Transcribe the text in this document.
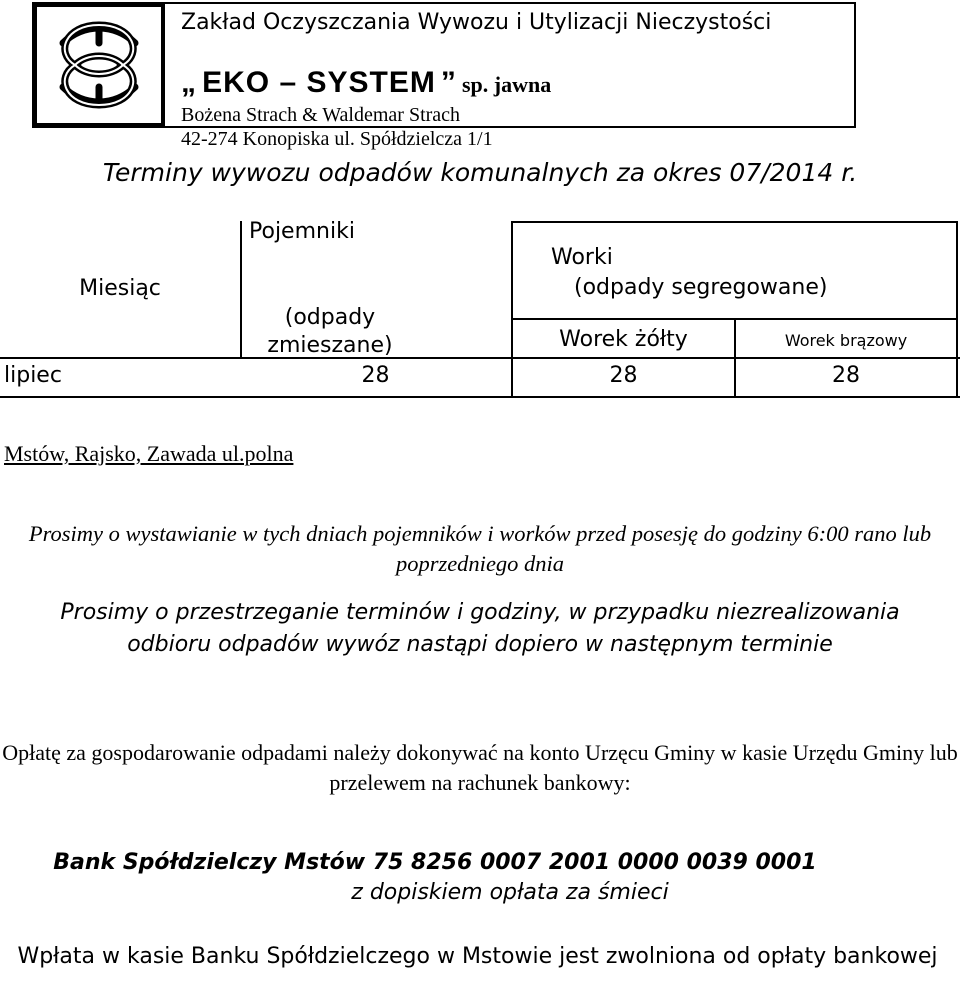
Zakład Oczyszczania Wywozu i Utylizacji Nieczystości
„ EKO – SYSTEM ” sp. jawna
Bożena Strach & Waldemar Strach
42-274 Konopiska ul. Spółdzielcza 1/1
Terminy wywozu odpadów komunalnych za okres 07/2014 r.
Miesiąc
Pojemniki
(odpady
zmieszane)
Worki
(odpady segregowane)
Worek żółty	Worek brązowy
lipiec	28	28	28
Mstów, Rajsko, Zawada ul.polna
Prosimy o wystawianie w tych dniach pojemników i worków przed posesję do godziny 6:00 rano lub poprzedniego dnia
Prosimy o przestrzeganie terminów i godziny, w przypadku niezrealizowania odbioru odpadów wywóz nastąpi dopiero w następnym terminie
Opłatę za gospodarowanie odpadami należy dokonywać na konto Urzęcu Gminy w kasie Urzędu Gminy lub przelewem na rachunek bankowy:
Bank Spółdzielczy Mstów 75 8256 0007 2001 0000 0039 0001
z dopiskiem opłata za śmieci
Wpłata w kasie Banku Spółdzielczego w Mstowie jest zwolniona od opłaty bankowej
